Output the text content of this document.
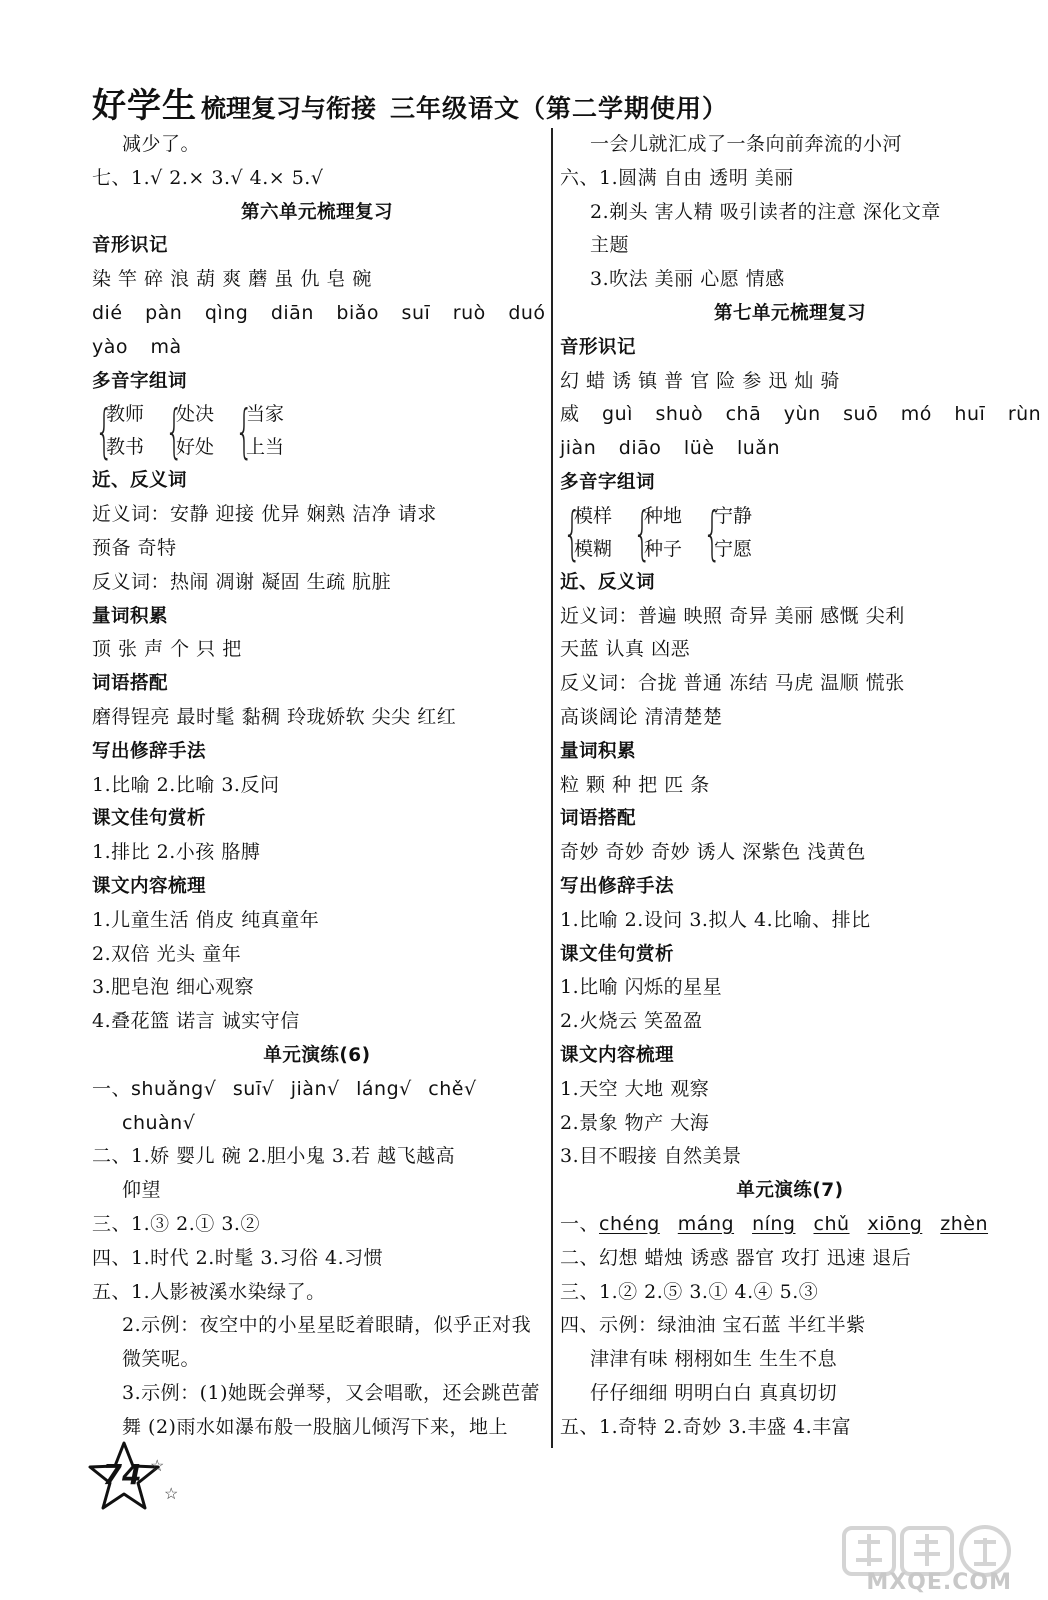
好学生 梳理复习与衔接 三年级语文（第二学期使用）
减少了。
七、1.√ 2.× 3.√ 4.× 5.√
第六单元梳理复习
音形识记
染 竿 碎 浪 葫 爽 蘑 虽 仇 皂 碗
dié pàn qìng diān biǎo suī ruò duó
yào mà
多音字组词
{
教师
教书 {
处决
好处 {
当家
上当
近、反义词
近义词：安静 迎接 优异 娴熟 洁净 请求
预备 奇特
反义词：热闹 凋谢 凝固 生疏 肮脏
量词积累
顶 张 声 个 只 把
词语搭配
磨得锃亮 最时髦 黏稠 玲珑娇软 尖尖 红红
写出修辞手法
1.比喻 2.比喻 3.反问
课文佳句赏析
1.排比 2.小孩 胳膊
课文内容梳理
1.儿童生活 俏皮 纯真童年
2.双倍 光头 童年
3.肥皂泡 细心观察
4.叠花篮 诺言 诚实守信
单元演练(6)
一、shuǎng√ suī√ jiàn√ láng√ chě√
chuàn√
二、1.娇 婴儿 碗 2.胆小鬼 3.若 越飞越高
仰望
三、1.③ 2.① 3.②
四、1.时代 2.时髦 3.习俗 4.习惯
五、1.人影被溪水染绿了。
2.示例：夜空中的小星星眨着眼睛，似乎正对我
微笑呢。
3.示例：(1)她既会弹琴，又会唱歌，还会跳芭蕾
舞 (2)雨水如瀑布般一股脑儿倾泻下来，地上
一会儿就汇成了一条向前奔流的小河
六、1.圆满 自由 透明 美丽
2.剃头 害人精 吸引读者的注意 深化文章
主题
3.吹法 美丽 心愿 情感
第七单元梳理复习
音形识记
幻 蜡 诱 镇 普 官 险 参 迅 灿 骑
威 guì shuò chā yùn suō mó huī rùn
jiàn diāo lüè luǎn
多音字组词
{
模样
模糊 {
种地
种子 {
宁静
宁愿
近、反义词
近义词：普遍 映照 奇异 美丽 感慨 尖利
天蓝 认真 凶恶
反义词：合拢 普通 冻结 马虎 温顺 慌张
高谈阔论 清清楚楚
量词积累
粒 颗 种 把 匹 条
词语搭配
奇妙 奇妙 奇妙 诱人 深紫色 浅黄色
写出修辞手法
1.比喻 2.设问 3.拟人 4.比喻、排比
课文佳句赏析
1.比喻 闪烁的星星
2.火烧云 笑盈盈
课文内容梳理
1.天空 大地 观察
2.景象 物产 大海
3.目不暇接 自然美景
单元演练(7)
一、chéng máng níng chǔ xiōng zhèn
二、幻想 蜡烛 诱惑 器官 攻打 迅速 退后
三、1.② 2.⑤ 3.① 4.④ 5.③
四、示例：绿油油 宝石蓝 半红半紫
津津有味 栩栩如生 生生不息
仔仔细细 明明白白 真真切切
五、1.奇特 2.奇妙 3.丰盛 4.丰富
74 ☆
☆
MXQE.COM
